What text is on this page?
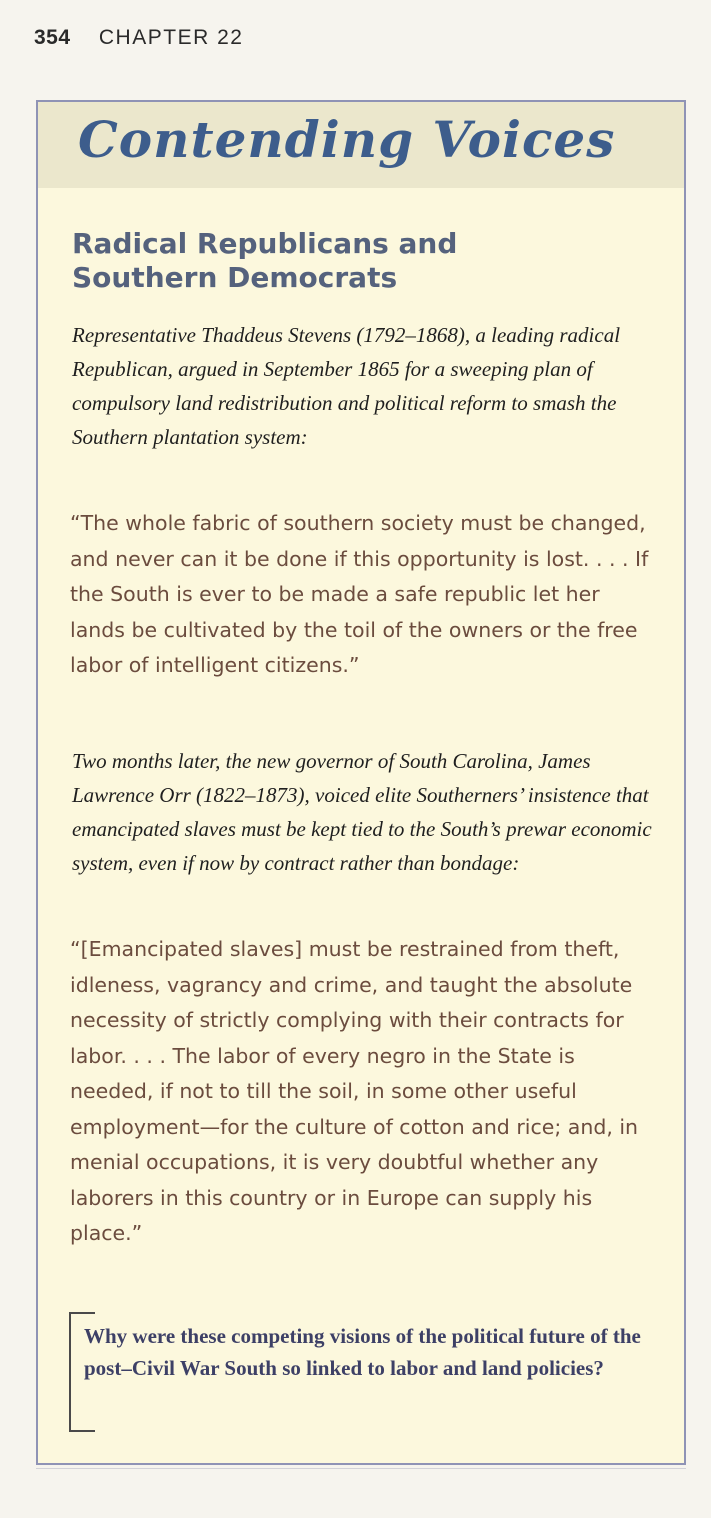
354 CHAPTER 22
Contending Voices
Radical Republicans and
Southern Democrats
Representative Thaddeus Stevens (1792–1868), a leading radical Republican, argued in September 1865 for a sweeping plan of compulsory land redistribution and political reform to smash the Southern plantation system:
“The whole fabric of southern society must be changed, and never can it be done if this opportunity is lost. . . . If the South is ever to be made a safe republic let her lands be cultivated by the toil of the owners or the free labor of intelligent citizens.”
Two months later, the new governor of South Carolina, James Lawrence Orr (1822–1873), voiced elite Southerners’ insistence that emancipated slaves must be kept tied to the South’s prewar economic system, even if now by contract rather than bondage:
“[Emancipated slaves] must be restrained from theft, idleness, vagrancy and crime, and taught the absolute necessity of strictly complying with their contracts for labor. . . . The labor of every negro in the State is needed, if not to till the soil, in some other useful employment—for the culture of cotton and rice; and, in menial occupations, it is very doubtful whether any laborers in this country or in Europe can supply his place.”
Why were these competing visions of the political future of the post–Civil War South so linked to labor and land policies?
